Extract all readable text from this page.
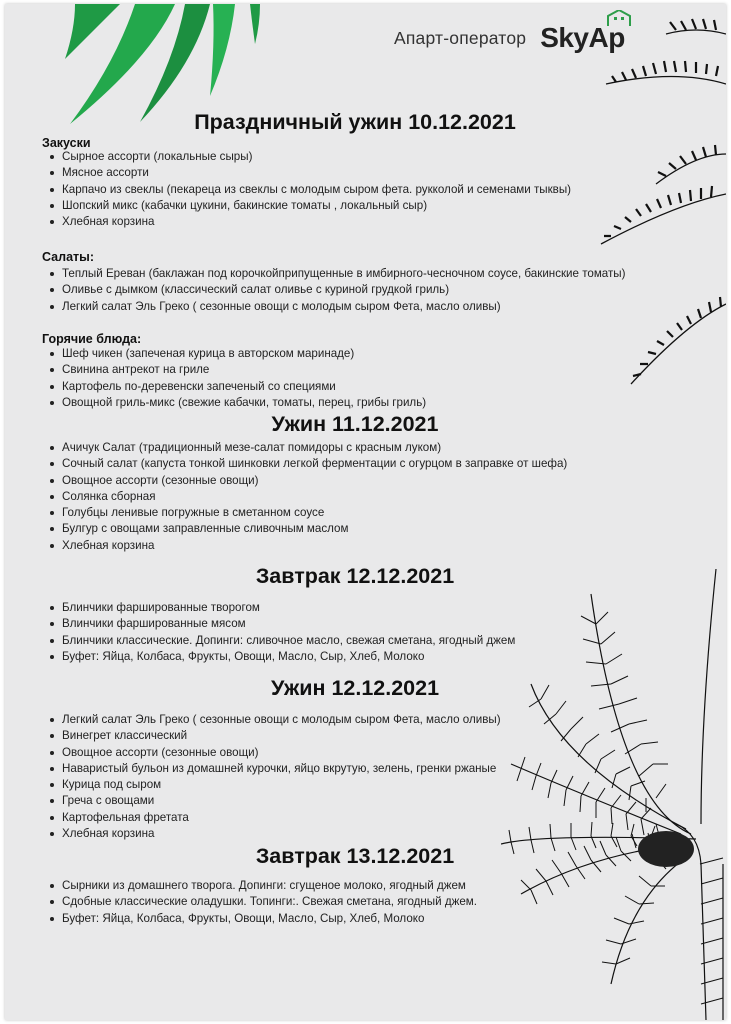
Апарт-оператор SkyAp
Праздничный ужин 10.12.2021
Закуски
Сырное ассорти (локальные сыры)
Мясное ассорти
Карпачо из свеклы (пекареца из свеклы с молодым сыром фета. рукколой и семенами тыквы)
Шопский микс (кабачки цукини, бакинские томаты , локальный сыр)
Хлебная корзина
Салаты:
Теплый Ереван (баклажан под корочкойприпущенные в имбирного-чесночном соусе, бакинские томаты)
Оливье с дымком (классический салат оливье с куриной грудкой гриль)
Легкий салат Эль Греко ( сезонные овощи с молодым сыром Фета, масло оливы)
Горячие блюда:
Шеф чикен (запеченая курица в авторском маринаде)
Свинина антрекот на гриле
Картофель по-деревенски запеченый со специями
Овощной гриль-микс (свежие кабачки, томаты, перец, грибы гриль)
Ужин 11.12.2021
Ачичук Салат (традиционный мезе-салат помидоры с красным луком)
Сочный салат (капуста тонкой шинковки легкой ферментации с огурцом в заправке от шефа)
Овощное ассорти (сезонные овощи)
Солянка сборная
Голубцы ленивые погружные в сметанном соусе
Булгур с овощами заправленные сливочным маслом
Хлебная корзина
Завтрак 12.12.2021
Блинчики фаршированные творогом
Влинчики фаршированные мясом
Блинчики классические. Допинги: сливочное масло, свежая сметана, ягодный джем
Буфет: Яйца, Колбаса, Фрукты, Овощи, Масло, Сыр, Хлеб, Молоко
Ужин 12.12.2021
Легкий салат Эль Греко ( сезонные овощи с молодым сыром Фета, масло оливы)
Винегрет классический
Овощное ассорти (сезонные овощи)
Наваристый бульон из домашней курочки, яйцо вкрутую, зелень, гренки ржаные
Курица под сыром
Греча с овощами
Картофельная фретата
Хлебная корзина
Завтрак 13.12.2021
Сырники из домашнего творога. Допинги: сгущеное молоко, ягодный джем
Сдобные классические оладушки. Топинги:. Свежая сметана, ягодный джем.
Буфет: Яйца, Колбаса, Фрукты, Овощи, Масло, Сыр, Хлеб, Молоко
